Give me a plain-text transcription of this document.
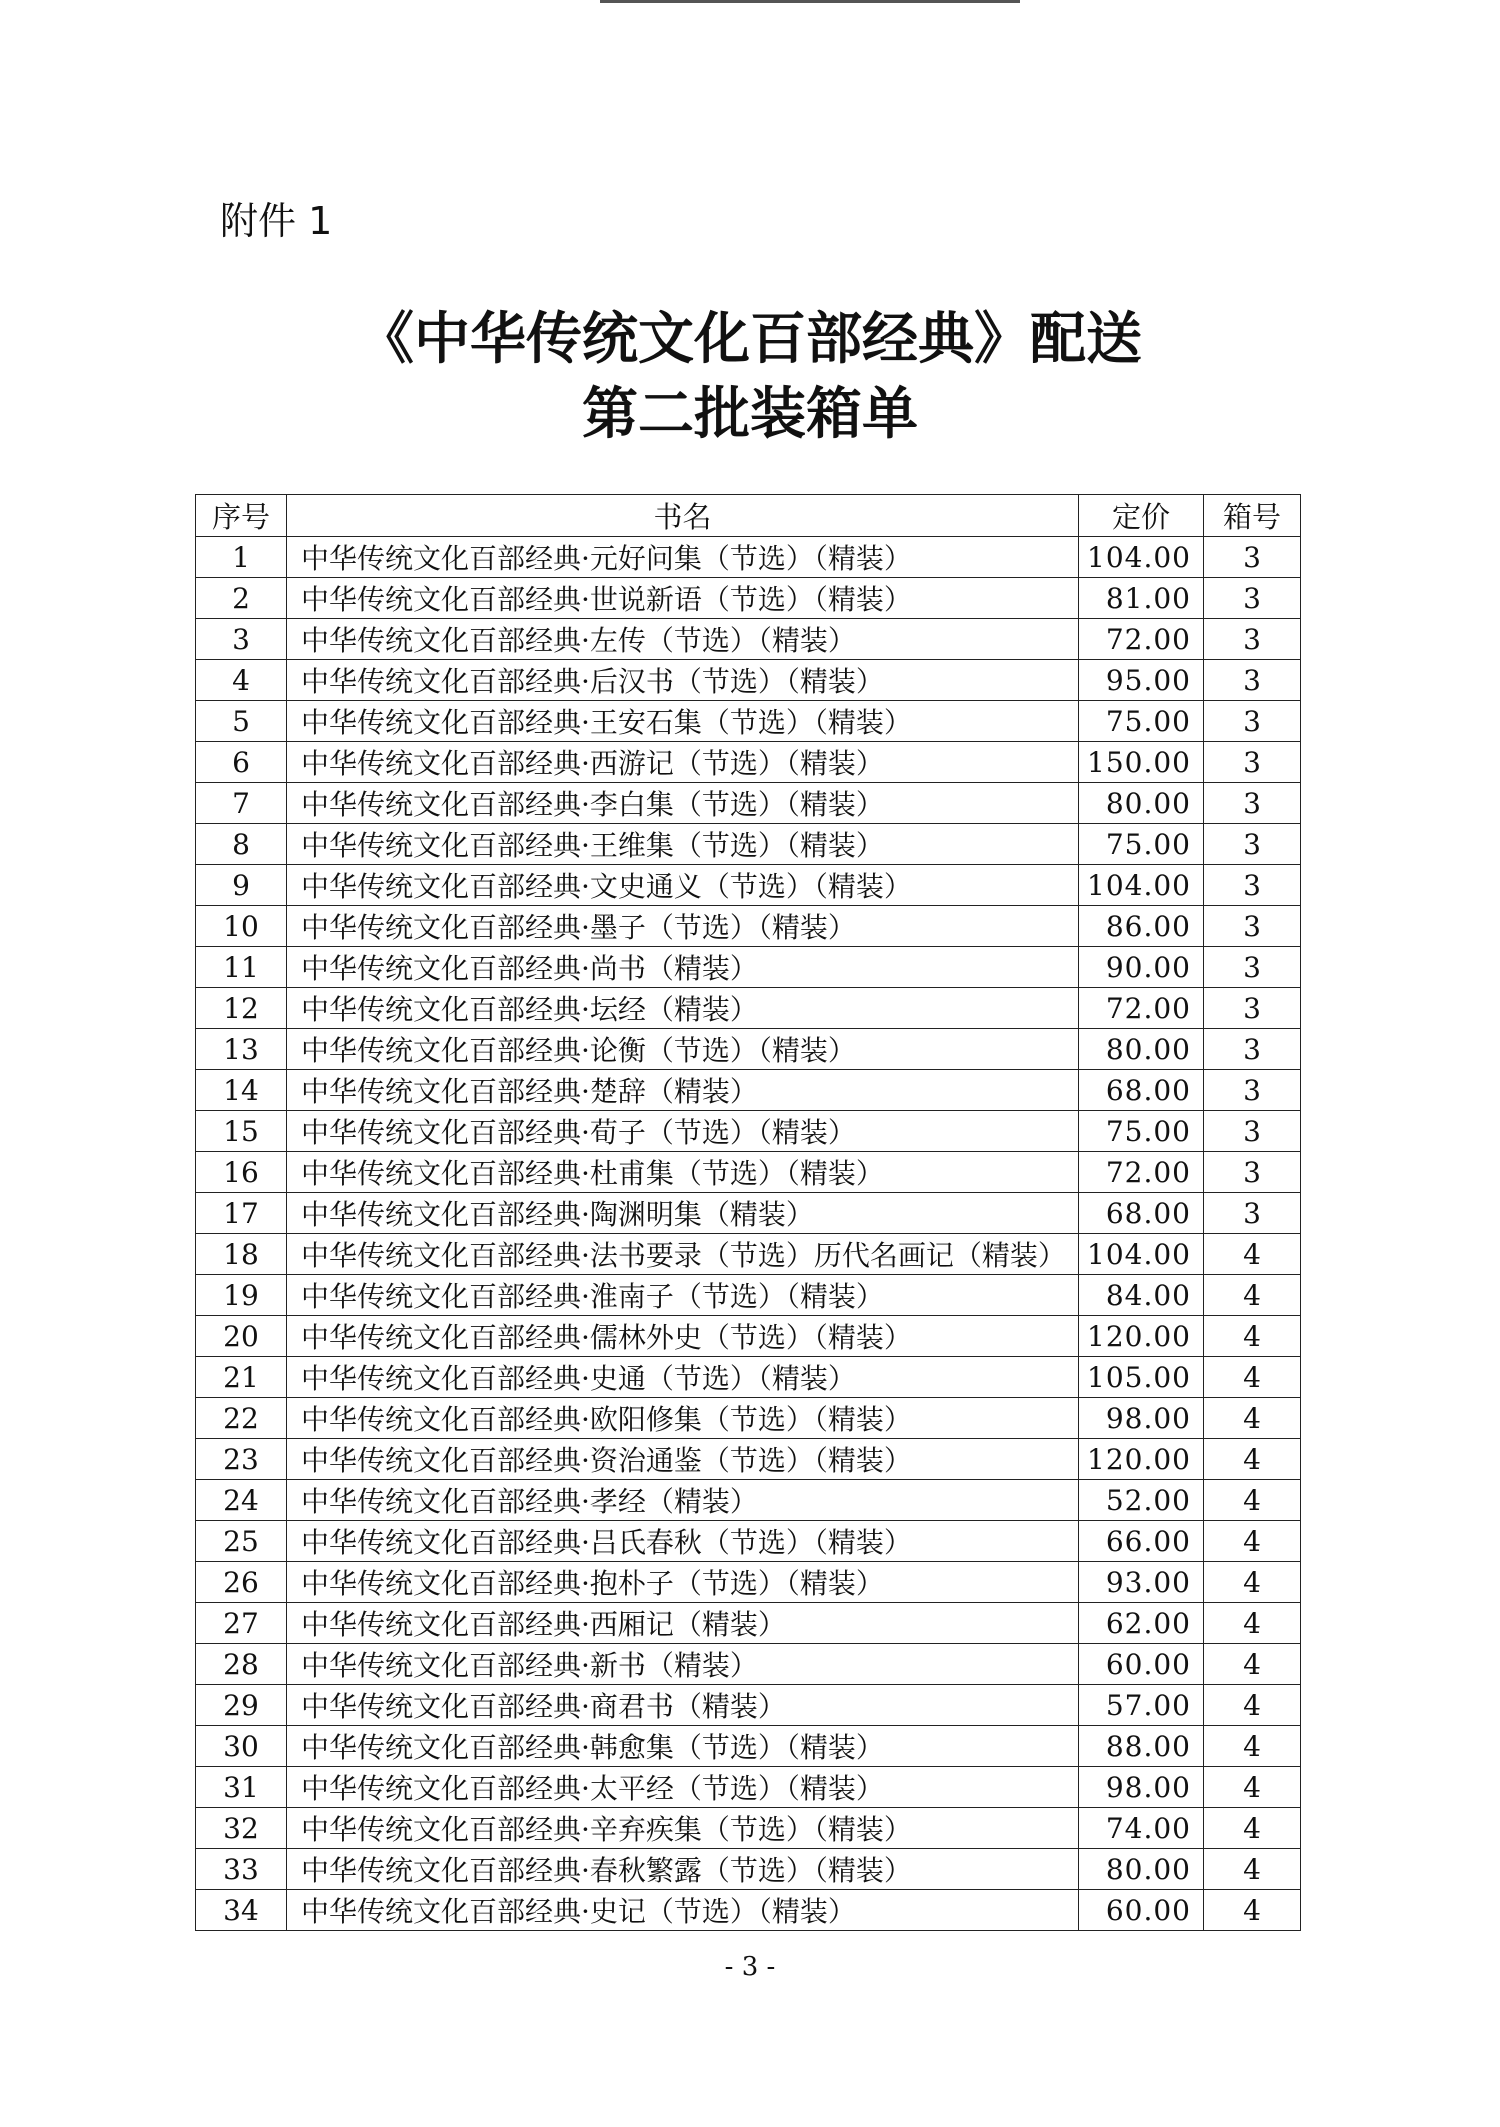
附件 1
《中华传统文化百部经典》配送
第二批装箱单
序号	书名	定价	箱号
1	中华传统文化百部经典·元好问集（节选）（精装）	104.00	3
2	中华传统文化百部经典·世说新语（节选）（精装）	81.00	3
3	中华传统文化百部经典·左传（节选）（精装）	72.00	3
4	中华传统文化百部经典·后汉书（节选）（精装）	95.00	3
5	中华传统文化百部经典·王安石集（节选）（精装）	75.00	3
6	中华传统文化百部经典·西游记（节选）（精装）	150.00	3
7	中华传统文化百部经典·李白集（节选）（精装）	80.00	3
8	中华传统文化百部经典·王维集（节选）（精装）	75.00	3
9	中华传统文化百部经典·文史通义（节选）（精装）	104.00	3
10	中华传统文化百部经典·墨子（节选）（精装）	86.00	3
11	中华传统文化百部经典·尚书（精装）	90.00	3
12	中华传统文化百部经典·坛经（精装）	72.00	3
13	中华传统文化百部经典·论衡（节选）（精装）	80.00	3
14	中华传统文化百部经典·楚辞（精装）	68.00	3
15	中华传统文化百部经典·荀子（节选）（精装）	75.00	3
16	中华传统文化百部经典·杜甫集（节选）（精装）	72.00	3
17	中华传统文化百部经典·陶渊明集（精装）	68.00	3
18	中华传统文化百部经典·法书要录（节选）历代名画记（精装）	104.00	4
19	中华传统文化百部经典·淮南子（节选）（精装）	84.00	4
20	中华传统文化百部经典·儒林外史（节选）（精装）	120.00	4
21	中华传统文化百部经典·史通（节选）（精装）	105.00	4
22	中华传统文化百部经典·欧阳修集（节选）（精装）	98.00	4
23	中华传统文化百部经典·资治通鉴（节选）（精装）	120.00	4
24	中华传统文化百部经典·孝经（精装）	52.00	4
25	中华传统文化百部经典·吕氏春秋（节选）（精装）	66.00	4
26	中华传统文化百部经典·抱朴子（节选）（精装）	93.00	4
27	中华传统文化百部经典·西厢记（精装）	62.00	4
28	中华传统文化百部经典·新书（精装）	60.00	4
29	中华传统文化百部经典·商君书（精装）	57.00	4
30	中华传统文化百部经典·韩愈集（节选）（精装）	88.00	4
31	中华传统文化百部经典·太平经（节选）（精装）	98.00	4
32	中华传统文化百部经典·辛弃疾集（节选）（精装）	74.00	4
33	中华传统文化百部经典·春秋繁露（节选）（精装）	80.00	4
34	中华传统文化百部经典·史记（节选）（精装）	60.00	4
- 3 -
